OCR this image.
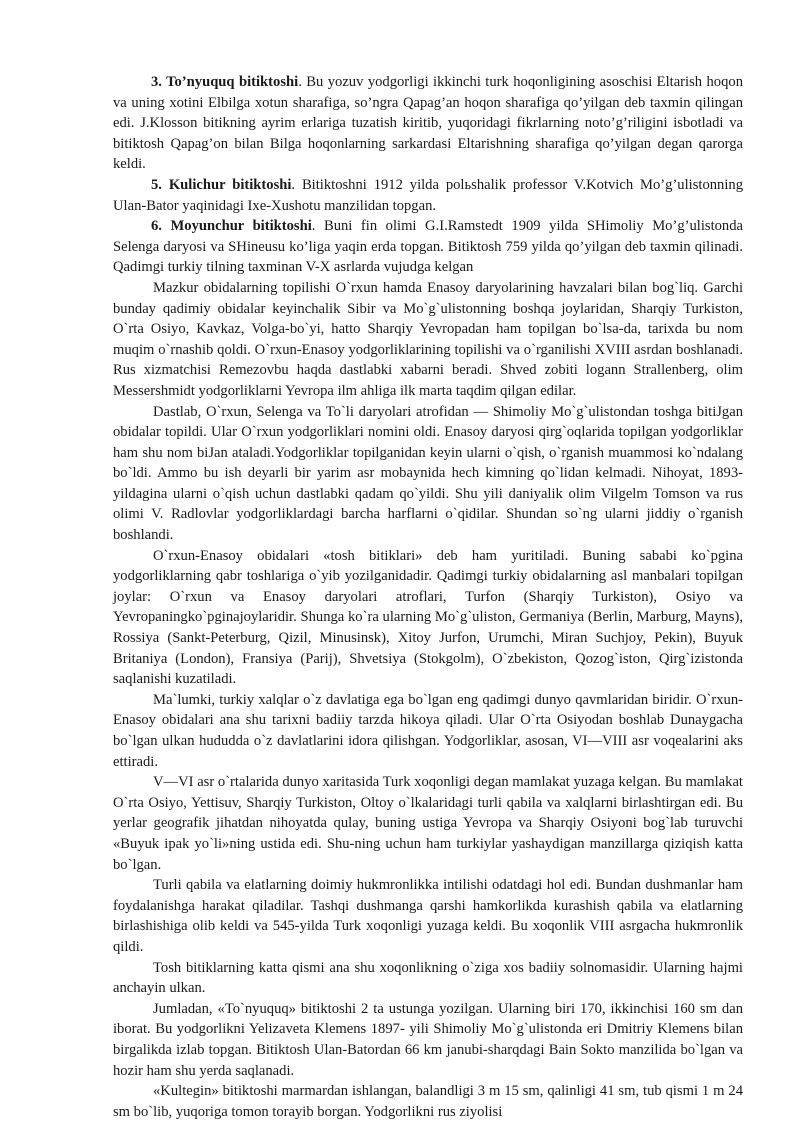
3. To’nyuquq bitiktoshi. Bu yozuv yodgorligi ikkinchi turk hoqonligining asoschisi Eltarish hoqon va uning xotini Elbilga xotun sharafiga, so’ngra Qapag’an hoqon sharafiga qo’yilgan deb taxmin qilingan edi. J.Klosson bitikning ayrim erlariga tuzatish kiritib, yuqoridagi fikrlarning noto’g’riligini isbotladi va bitiktosh Qapag’on bilan Bilga hoqonlarning sarkardasi Eltarishning sharafiga qo’yilgan degan qarorga keldi.

5. Kulichur bitiktoshi. Bitiktoshni 1912 yilda polьshalik professor V.Kotvich Mo’g’ulistonning Ulan-Bator yaqinidagi Ixe-Xushotu manzilidan topgan.

6. Moyunchur bitiktoshi. Buni fin olimi G.I.Ramstedt 1909 yilda SHimoliy Mo’g’ulistonda Selenga daryosi va SHineusu ko’liga yaqin erda topgan. Bitiktosh 759 yilda qo’yilgan deb taxmin qilinadi. Qadimgi turkiy tilning taxminan V-X asrlarda vujudga kelgan

Mazkur obidalarning topilishi O`rxun hamda Enasoy daryolarining havzalari bilan bog`liq. Garchi bunday qadimiy obidalar keyinchalik Sibir va Mo`g`ulistonning boshqa joylaridan, Sharqiy Turkiston, O`rta Osiyo, Kavkaz, Volga-bo`yi, hatto Sharqiy Yevropadan ham topilgan bo`lsa-da, tarixda bu nom muqim o`rnashib qoldi. O`rxun-Enasoy yodgorliklarining topilishi va o`rganilishi XVIII asrdan boshlanadi. Rus xizmatchisi Remezovbu haqda dastlabki xabarni beradi. Shved zobiti logann Strallenberg, olim Messershmidt yodgorliklarni Yevropa ilm ahliga ilk marta taqdim qilgan edilar.

Dastlab, O`rxun, Selenga va To`li daryolari atrofidan — Shimoliy Mo`g`ulistondan toshga bitiJgan obidalar topildi. Ular O`rxun yodgorliklari nomini oldi. Enasoy daryosi qirg`oqlarida topilgan yodgorliklar ham shu nom biJan ataladi.Yodgorliklar topilganidan keyin ularni o`qish, o`rganish muammosi ko`ndalang bo`ldi. Ammo bu ish deyarli bir yarim asr mobaynida hech kimning qo`lidan kelmadi. Nihoyat, 1893-yildagina ularni o`qish uchun dastlabki qadam qo`yildi. Shu yili daniyalik olim Vilgelm Tomson va rus olimi V. Radlovlar yodgorliklardagi barcha harflarni o`qidilar. Shundan so`ng ularni jiddiy o`rganish boshlandi.

O`rxun-Enasoy obidalari «tosh bitiklari» deb ham yuritiladi. Buning sababi ko`pgina yodgorliklarning qabr toshlariga o`yib yozilganidadir. Qadimgi turkiy obidalarning asl manbalari topilgan joylar: O`rxun va Enasoy daryolari atroflari, Turfon (Sharqiy Turkiston), Osiyo va Yevropaningko`pginajoylaridir. Shunga ko`ra ularning Mo`g`uliston, Germaniya (Berlin, Marburg, Mayns), Rossiya (Sankt-Peterburg, Qizil, Minusinsk), Xitoy Jurfon, Urumchi, Miran Suchjoy, Pekin), Buyuk Britaniya (London), Fransiya (Parij), Shvetsiya (Stokgolm), O`zbekiston, Qozog`iston, Qirg`izistonda saqlanishi kuzatiladi.

Ma`lumki, turkiy xalqlar o`z davlatiga ega bo`lgan eng qadimgi dunyo qavmlaridan biridir. O`rxun-Enasoy obidalari ana shu tarixni badiiy tarzda hikoya qiladi. Ular O`rta Osiyodan boshlab Dunaygacha bo`lgan ulkan hududda o`z davlatlarini idora qilishgan. Yodgorliklar, asosan, VI—VIII asr voqealarini aks ettiradi.

V—VI asr o`rtalarida dunyo xaritasida Turk xoqonligi degan mamlakat yuzaga kelgan. Bu mamlakat O`rta Osiyo, Yettisuv, Sharqiy Turkiston, Oltoy o`lkalaridagi turli qabila va xalqlarni birlashtirgan edi. Bu yerlar geografik jihatdan nihoyatda qulay, buning ustiga Yevropa va Sharqiy Osiyoni bog`lab turuvchi «Buyuk ipak yo`li»ning ustida edi. Shu-ning uchun ham turkiylar yashaydigan manzillarga qiziqish katta bo`lgan.

Turli qabila va elatlarning doimiy hukmronlikka intilishi odatdagi hol edi. Bundan dushmanlar ham foydalanishga harakat qiladilar. Tashqi dushmanga qarshi hamkorlikda kurashish qabila va elatlarning birlashishiga olib keldi va 545-yilda Turk xoqonligi yuzaga keldi. Bu xoqonlik VIII asrgacha hukmronlik qildi.

Tosh bitiklarning katta qismi ana shu xoqonlikning o`ziga xos badiiy solnomasidir. Ularning hajmi anchayin ulkan.

Jumladan, «To`nyuquq» bitiktoshi 2 ta ustunga yozilgan. Ularning biri 170, ikkinchisi 160 sm dan iborat. Bu yodgorlikni Yelizaveta Klemens 1897- yili Shimoliy Mo`g`ulistonda eri Dmitriy Klemens bilan birgalikda izlab topgan. Bitiktosh Ulan-Batordan 66 km janubi-sharqdagi Bain Sokto manzilida bo`lgan va hozir ham shu yerda saqlanadi.

«Kultegin» bitiktoshi marmardan ishlangan, balandligi 3 m 15 sm, qalinligi 41 sm, tub qismi 1 m 24 sm bo`lib, yuqoriga tomon torayib borgan. Yodgorlikni rus ziyolisi
